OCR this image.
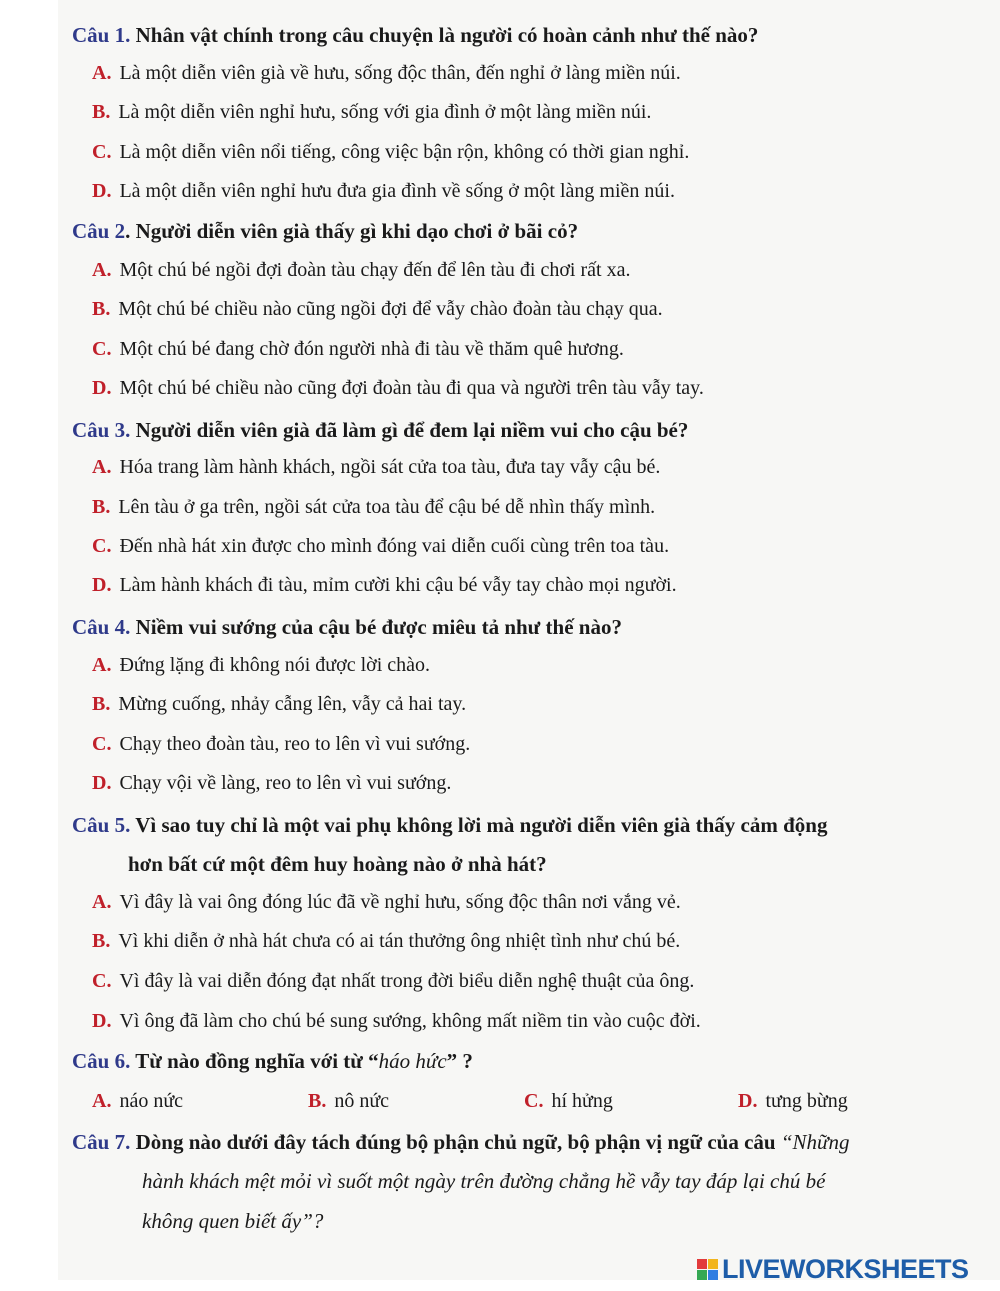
Câu 1. Nhân vật chính trong câu chuyện là người có hoàn cảnh như thế nào?
A. Là một diễn viên già về hưu, sống độc thân, đến nghỉ ở làng miền núi.
B. Là một diễn viên nghỉ hưu, sống với gia đình ở một làng miền núi.
C. Là một diễn viên nổi tiếng, công việc bận rộn, không có thời gian nghỉ.
D. Là một diễn viên nghỉ hưu đưa gia đình về sống ở một làng miền núi.
Câu 2. Người diễn viên già thấy gì khi dạo chơi ở bãi cỏ?
A. Một chú bé ngồi đợi đoàn tàu chạy đến để lên tàu đi chơi rất xa.
B. Một chú bé chiều nào cũng ngồi đợi để vẫy chào đoàn tàu chạy qua.
C. Một chú bé đang chờ đón người nhà đi tàu về thăm quê hương.
D. Một chú bé chiều nào cũng đợi đoàn tàu đi qua và người trên tàu vẫy tay.
Câu 3. Người diễn viên già đã làm gì để đem lại niềm vui cho cậu bé?
A. Hóa trang làm hành khách, ngồi sát cửa toa tàu, đưa tay vẫy cậu bé.
B. Lên tàu ở ga trên, ngồi sát cửa toa tàu để cậu bé dễ nhìn thấy mình.
C. Đến nhà hát xin được cho mình đóng vai diễn cuối cùng trên toa tàu.
D. Làm hành khách đi tàu, mỉm cười khi cậu bé vẫy tay chào mọi người.
Câu 4. Niềm vui sướng của cậu bé được miêu tả như thế nào?
A. Đứng lặng đi không nói được lời chào.
B. Mừng cuống, nhảy cẫng lên, vẫy cả hai tay.
C. Chạy theo đoàn tàu, reo to lên vì vui sướng.
D. Chạy vội về làng, reo to lên vì vui sướng.
Câu 5. Vì sao tuy chỉ là một vai phụ không lời mà người diễn viên già thấy cảm động
hơn bất cứ một đêm huy hoàng nào ở nhà hát?
A. Vì đây là vai ông đóng lúc đã về nghỉ hưu, sống độc thân nơi vắng vẻ.
B. Vì khi diễn ở nhà hát chưa có ai tán thưởng ông nhiệt tình như chú bé.
C. Vì đây là vai diễn đóng đạt nhất trong đời biểu diễn nghệ thuật của ông.
D. Vì ông đã làm cho chú bé sung sướng, không mất niềm tin vào cuộc đời.
Câu 6. Từ nào đồng nghĩa với từ “háo hức” ?
A. náo nức	B. nô nức	C. hí hửng	D. tưng bừng
Câu 7. Dòng nào dưới đây tách đúng bộ phận chủ ngữ, bộ phận vị ngữ của câu “Những
hành khách mệt mỏi vì suốt một ngày trên đường chẳng hề vẫy tay đáp lại chú bé
không quen biết ấy”?
LIVEWORKSHEETS
